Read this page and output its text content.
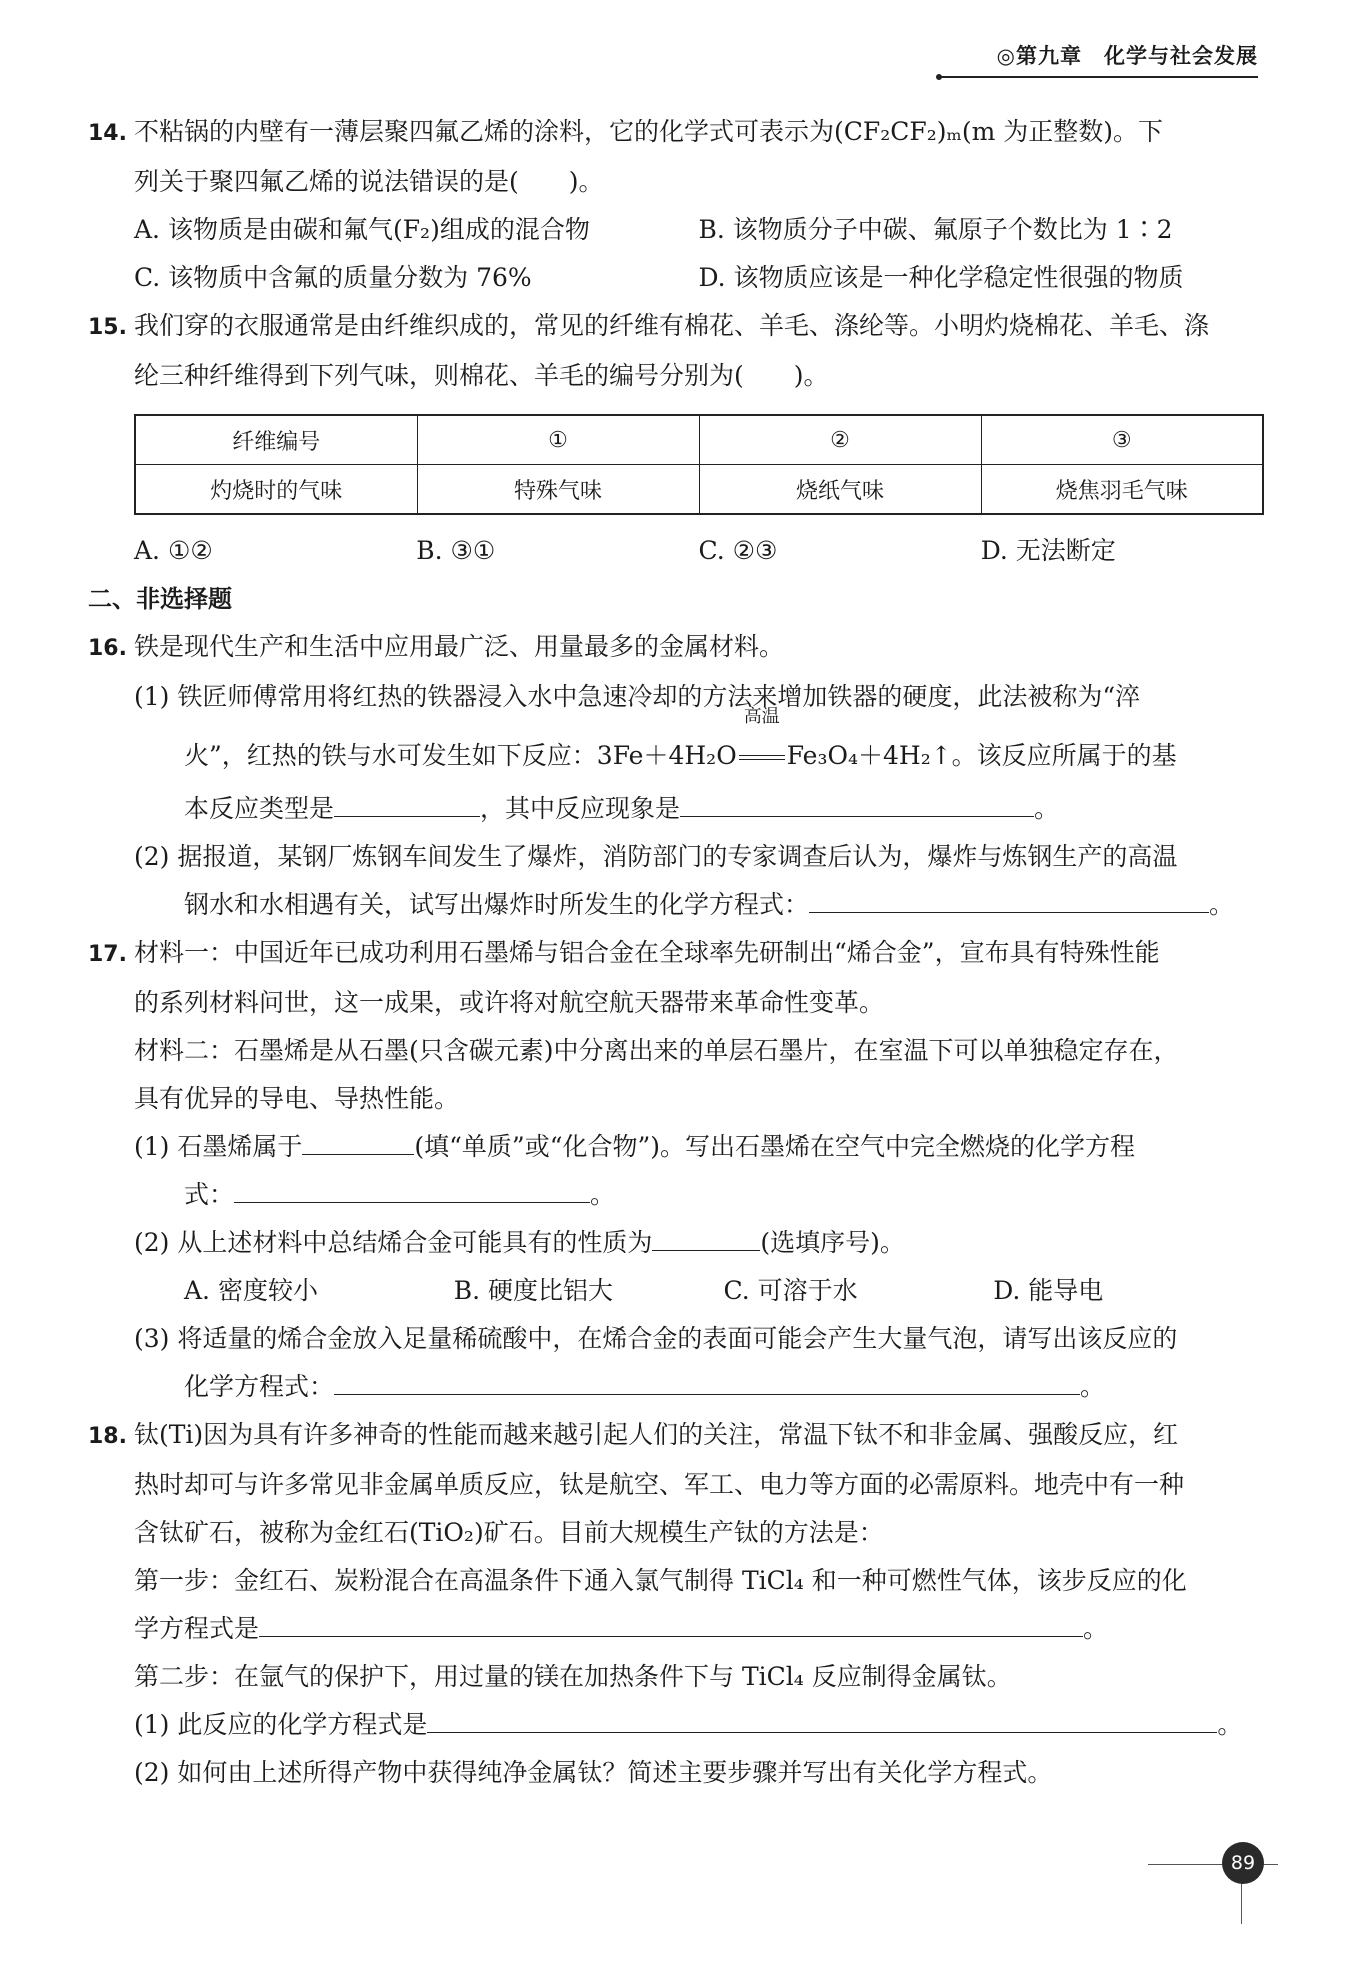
◎第九章　化学与社会发展
14. 不粘锅的内壁有一薄层聚四氟乙烯的涂料，它的化学式可表示为(CF₂CF₂)ₘ(m 为正整数)。下
列关于聚四氟乙烯的说法错误的是(　　)。
A. 该物质是由碳和氟气(F₂)组成的混合物	B. 该物质分子中碳、氟原子个数比为 1∶2
C. 该物质中含氟的质量分数为 76%	D. 该物质应该是一种化学稳定性很强的物质
15. 我们穿的衣服通常是由纤维织成的，常见的纤维有棉花、羊毛、涤纶等。小明灼烧棉花、羊毛、涤
纶三种纤维得到下列气味，则棉花、羊毛的编号分别为(　　)。
纤维编号	①	②	③
灼烧时的气味	特殊气味	烧纸气味	烧焦羽毛气味
A. ①②	B. ③①	C. ②③	D. 无法断定
二、非选择题
16. 铁是现代生产和生活中应用最广泛、用量最多的金属材料。
(1) 铁匠师傅常用将红热的铁器浸入水中急速冷却的方法来增加铁器的硬度，此法被称为“淬
火”，红热的铁与水可发生如下反应：3Fe＋4H₂O
高温
Fe₃O₄＋4H₂↑。该反应所属于的基
本反应类型是	，其中反应现象是	。
(2) 据报道，某钢厂炼钢车间发生了爆炸，消防部门的专家调查后认为，爆炸与炼钢生产的高温
钢水和水相遇有关，试写出爆炸时所发生的化学方程式：	。
17. 材料一：中国近年已成功利用石墨烯与铝合金在全球率先研制出“烯合金”，宣布具有特殊性能
的系列材料问世，这一成果，或许将对航空航天器带来革命性变革。
材料二：石墨烯是从石墨(只含碳元素)中分离出来的单层石墨片，在室温下可以单独稳定存在，
具有优异的导电、导热性能。
(1) 石墨烯属于	(填“单质”或“化合物”)。写出石墨烯在空气中完全燃烧的化学方程
式：	。
(2) 从上述材料中总结烯合金可能具有的性质为	(选填序号)。
A. 密度较小	B. 硬度比铝大	C. 可溶于水	D. 能导电
(3) 将适量的烯合金放入足量稀硫酸中，在烯合金的表面可能会产生大量气泡，请写出该反应的
化学方程式：	。
18. 钛(Ti)因为具有许多神奇的性能而越来越引起人们的关注，常温下钛不和非金属、强酸反应，红
热时却可与许多常见非金属单质反应，钛是航空、军工、电力等方面的必需原料。地壳中有一种
含钛矿石，被称为金红石(TiO₂)矿石。目前大规模生产钛的方法是：
第一步：金红石、炭粉混合在高温条件下通入氯气制得 TiCl₄ 和一种可燃性气体，该步反应的化
学方程式是	。
第二步：在氩气的保护下，用过量的镁在加热条件下与 TiCl₄ 反应制得金属钛。
(1) 此反应的化学方程式是	。
(2) 如何由上述所得产物中获得纯净金属钛？简述主要步骤并写出有关化学方程式。
89
